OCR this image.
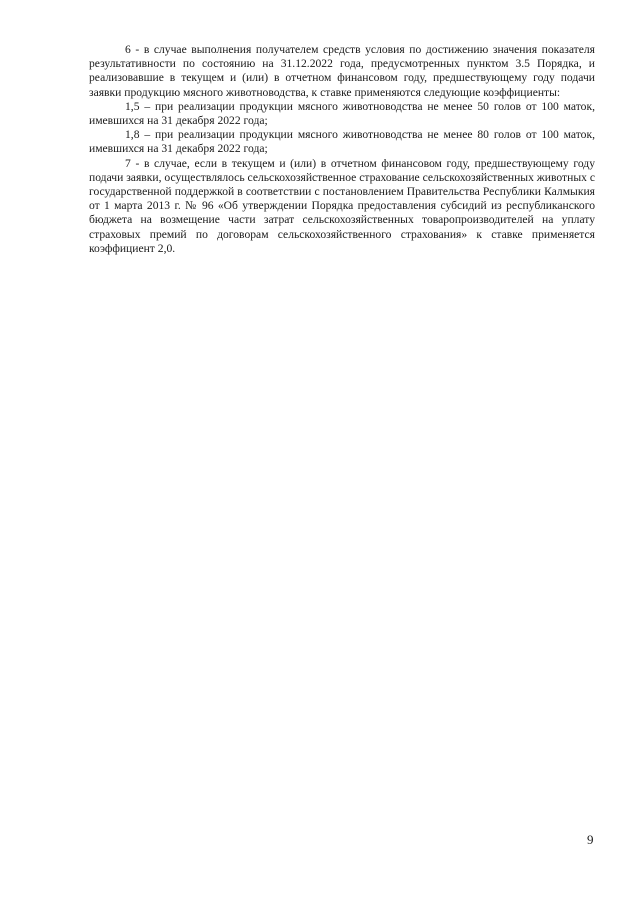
6 - в случае выполнения получателем средств условия по достижению значения показателя результативности по состоянию на 31.12.2022 года, предусмотренных пунктом 3.5 Порядка, и реализовавшие в текущем и (или) в отчетном финансовом году, предшествующему году подачи заявки продукцию мясного животноводства, к ставке применяются следующие коэффициенты:

1,5 – при реализации продукции мясного животноводства не менее 50 голов от 100 маток, имевшихся на 31 декабря 2022 года;

1,8 – при реализации продукции мясного животноводства не менее 80 голов от 100 маток, имевшихся на 31 декабря 2022 года;

7 - в случае, если в текущем и (или) в отчетном финансовом году, предшествующему году подачи заявки, осуществлялось сельскохозяйственное страхование сельскохозяйственных животных с государственной поддержкой в соответствии с постановлением Правительства Республики Калмыкия от 1 марта 2013 г. № 96 «Об утверждении Порядка предоставления субсидий из республиканского бюджета на возмещение части затрат сельскохозяйственных товаропроизводителей на уплату страховых премий по договорам сельскохозяйственного страхования» к ставке применяется коэффициент 2,0.

9
